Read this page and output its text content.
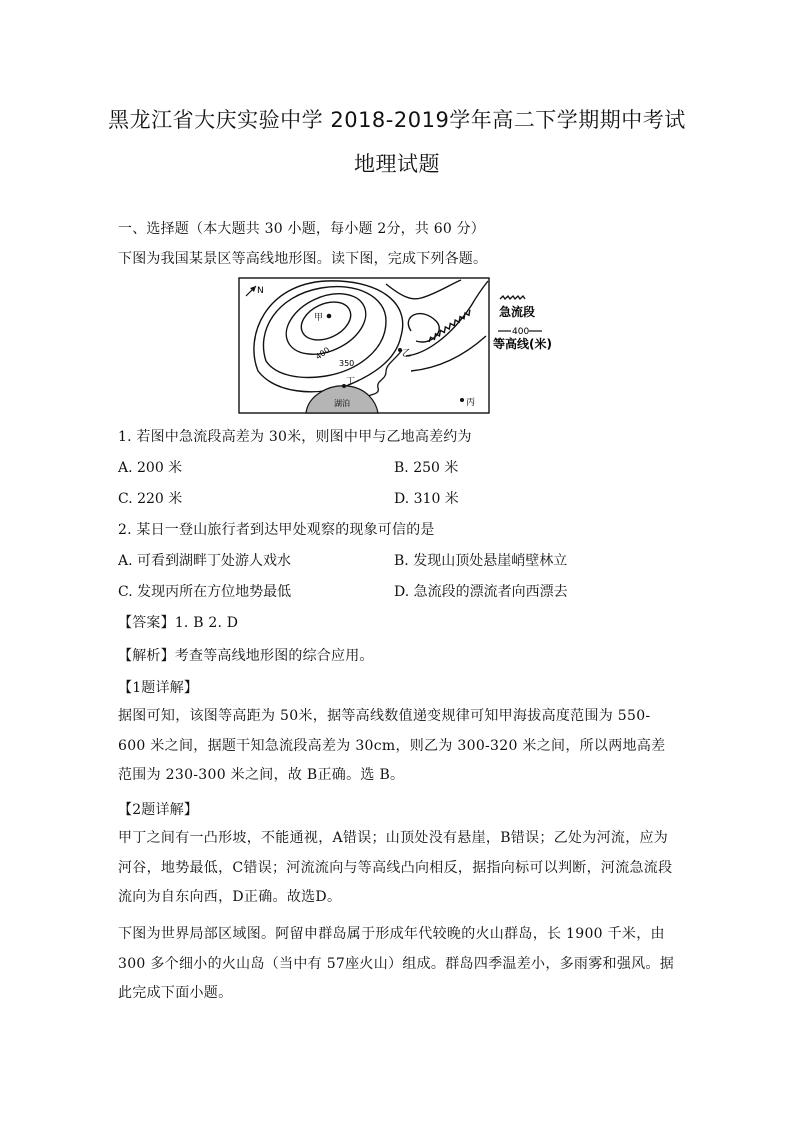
黑龙江省大庆实验中学 2018-2019学年高二下学期期中考试
地理试题
一、选择题（本大题共 30 小题，每小题 2分，共 60 分）
下图为我国某景区等高线地形图。读下图，完成下列各题。
N
湖泊
甲
乙
丁
丙
350
400
急流段
400
等高线(米)
1. 若图中急流段高差为 30米，则图中甲与乙地高差约为
A. 200 米	B. 250 米
C. 220 米	D. 310 米
2. 某日一登山旅行者到达甲处观察的现象可信的是
A. 可看到湖畔丁处游人戏水	B. 发现山顶处悬崖峭壁林立
C. 发现丙所在方位地势最低	D. 急流段的漂流者向西漂去
【答案】1. B 2. D
【解析】考查等高线地形图的综合应用。
【1题详解】
据图可知，该图等高距为 50米，据等高线数值递变规律可知甲海拔高度范围为 550-600 米之间，据题干知急流段高差为 30cm，则乙为 300-320 米之间，所以两地高差范围为 230-300 米之间，故 B正确。选 B。
【2题详解】
甲丁之间有一凸形坡，不能通视，A错误；山顶处没有悬崖，B错误；乙处为河流，应为河谷，地势最低，C错误；河流流向与等高线凸向相反，据指向标可以判断，河流急流段流向为自东向西，D正确。故选D。
下图为世界局部区域图。阿留申群岛属于形成年代较晚的火山群岛，长 1900 千米，由 300 多个细小的火山岛（当中有 57座火山）组成。群岛四季温差小，多雨雾和强风。据此完成下面小题。
